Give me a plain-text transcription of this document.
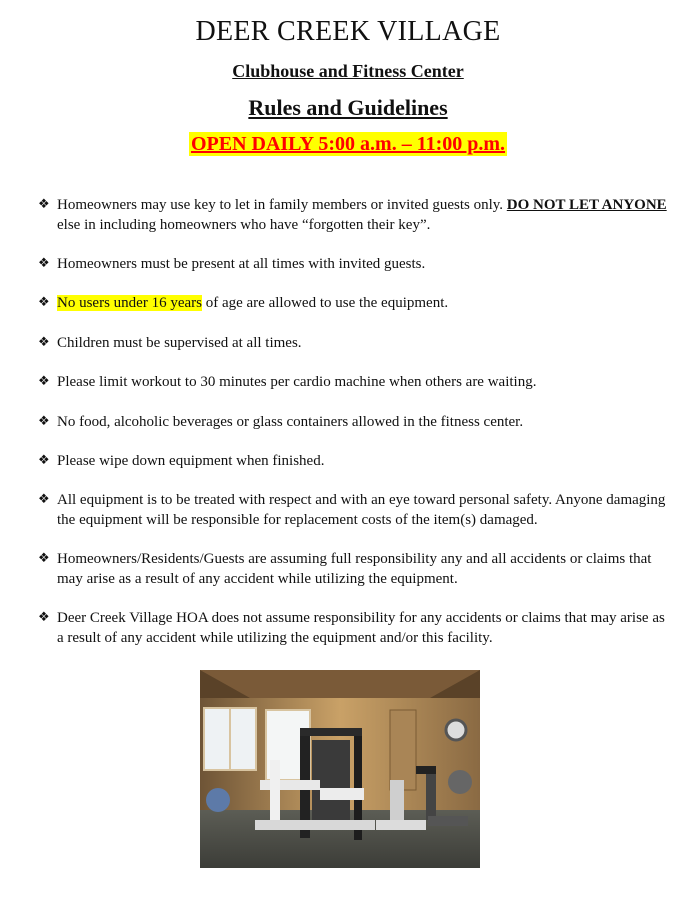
DEER CREEK VILLAGE
Clubhouse and Fitness Center
Rules and Guidelines
OPEN DAILY 5:00 a.m. – 11:00 p.m.
❖ Homeowners may use key to let in family members or invited guests only. DO NOT LET ANYONE else in including homeowners who have “forgotten their key”.
❖ Homeowners must be present at all times with invited guests.
❖ No users under 16 years of age are allowed to use the equipment.
❖ Children must be supervised at all times.
❖ Please limit workout to 30 minutes per cardio machine when others are waiting.
❖ No food, alcoholic beverages or glass containers allowed in the fitness center.
❖ Please wipe down equipment when finished.
❖ All equipment is to be treated with respect and with an eye toward personal safety. Anyone damaging the equipment will be responsible for replacement costs of the item(s) damaged.
❖ Homeowners/Residents/Guests are assuming full responsibility any and all accidents or claims that may arise as a result of any accident while utilizing the equipment.
❖ Deer Creek Village HOA does not assume responsibility for any accidents or claims that may arise as a result of any accident while utilizing the equipment and/or this facility.
